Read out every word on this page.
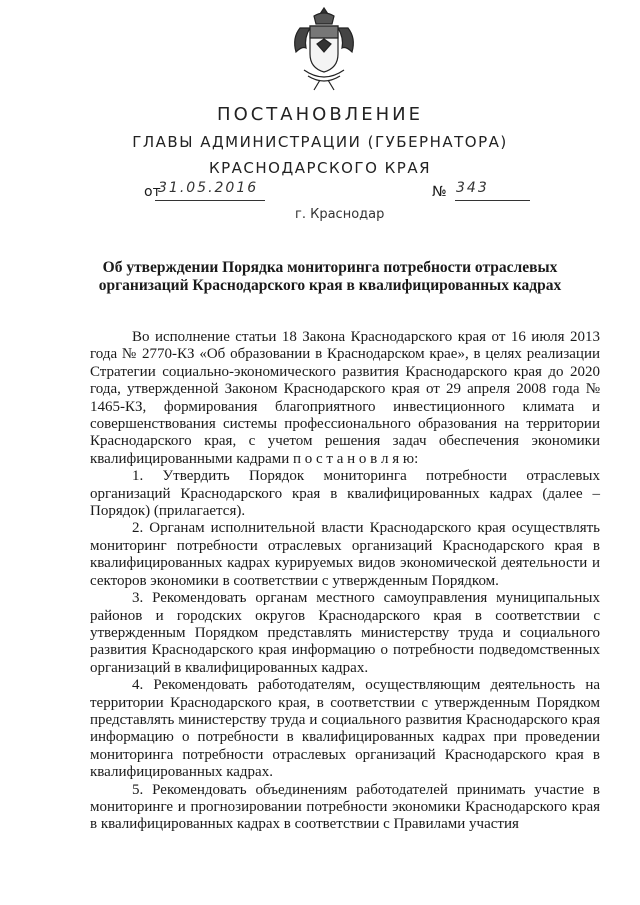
ПОСТАНОВЛЕНИЕ
ГЛАВЫ АДМИНИСТРАЦИИ (ГУБЕРНАТОРА)
КРАСНОДАРСКОГО КРАЯ
от
31.05.2016	№ 343
г. Краснодар
Об утверждении Порядка мониторинга потребности отраслевых организаций Краснодарского края в квалифицированных кадрах

Во исполнение статьи 18 Закона Краснодарского края от 16 июля 2013 года № 2770-КЗ «Об образовании в Краснодарском крае», в целях реализации Стратегии социально-экономического развития Краснодарского края до 2020 года, утвержденной Законом Краснодарского края от 29 апреля 2008 года № 1465-КЗ, формирования благоприятного инвестиционного климата и совершенствования системы профессионального образования на территории Краснодарского края, с учетом решения задач обеспечения экономики квалифицированными кадрами п о с т а н о в л я ю:

1. Утвердить Порядок мониторинга потребности отраслевых организаций Краснодарского края в квалифицированных кадрах (далее – Порядок) (прилагается).

2. Органам исполнительной власти Краснодарского края осуществлять мониторинг потребности отраслевых организаций Краснодарского края в квалифицированных кадрах курируемых видов экономической деятельности и секторов экономики в соответствии с утвержденным Порядком.

3. Рекомендовать органам местного самоуправления муниципальных районов и городских округов Краснодарского края в соответствии с утвержденным Порядком представлять министерству труда и социального развития Краснодарского края информацию о потребности подведомственных организаций в квалифицированных кадрах.

4. Рекомендовать работодателям, осуществляющим деятельность на территории Краснодарского края, в соответствии с утвержденным Порядком представлять министерству труда и социального развития Краснодарского края информацию о потребности в квалифицированных кадрах при проведении мониторинга потребности отраслевых организаций Краснодарского края в квалифицированных кадрах.

5. Рекомендовать объединениям работодателей принимать участие в мониторинге и прогнозировании потребности экономики Краснодарского края в квалифицированных кадрах в соответствии с Правилами участия
